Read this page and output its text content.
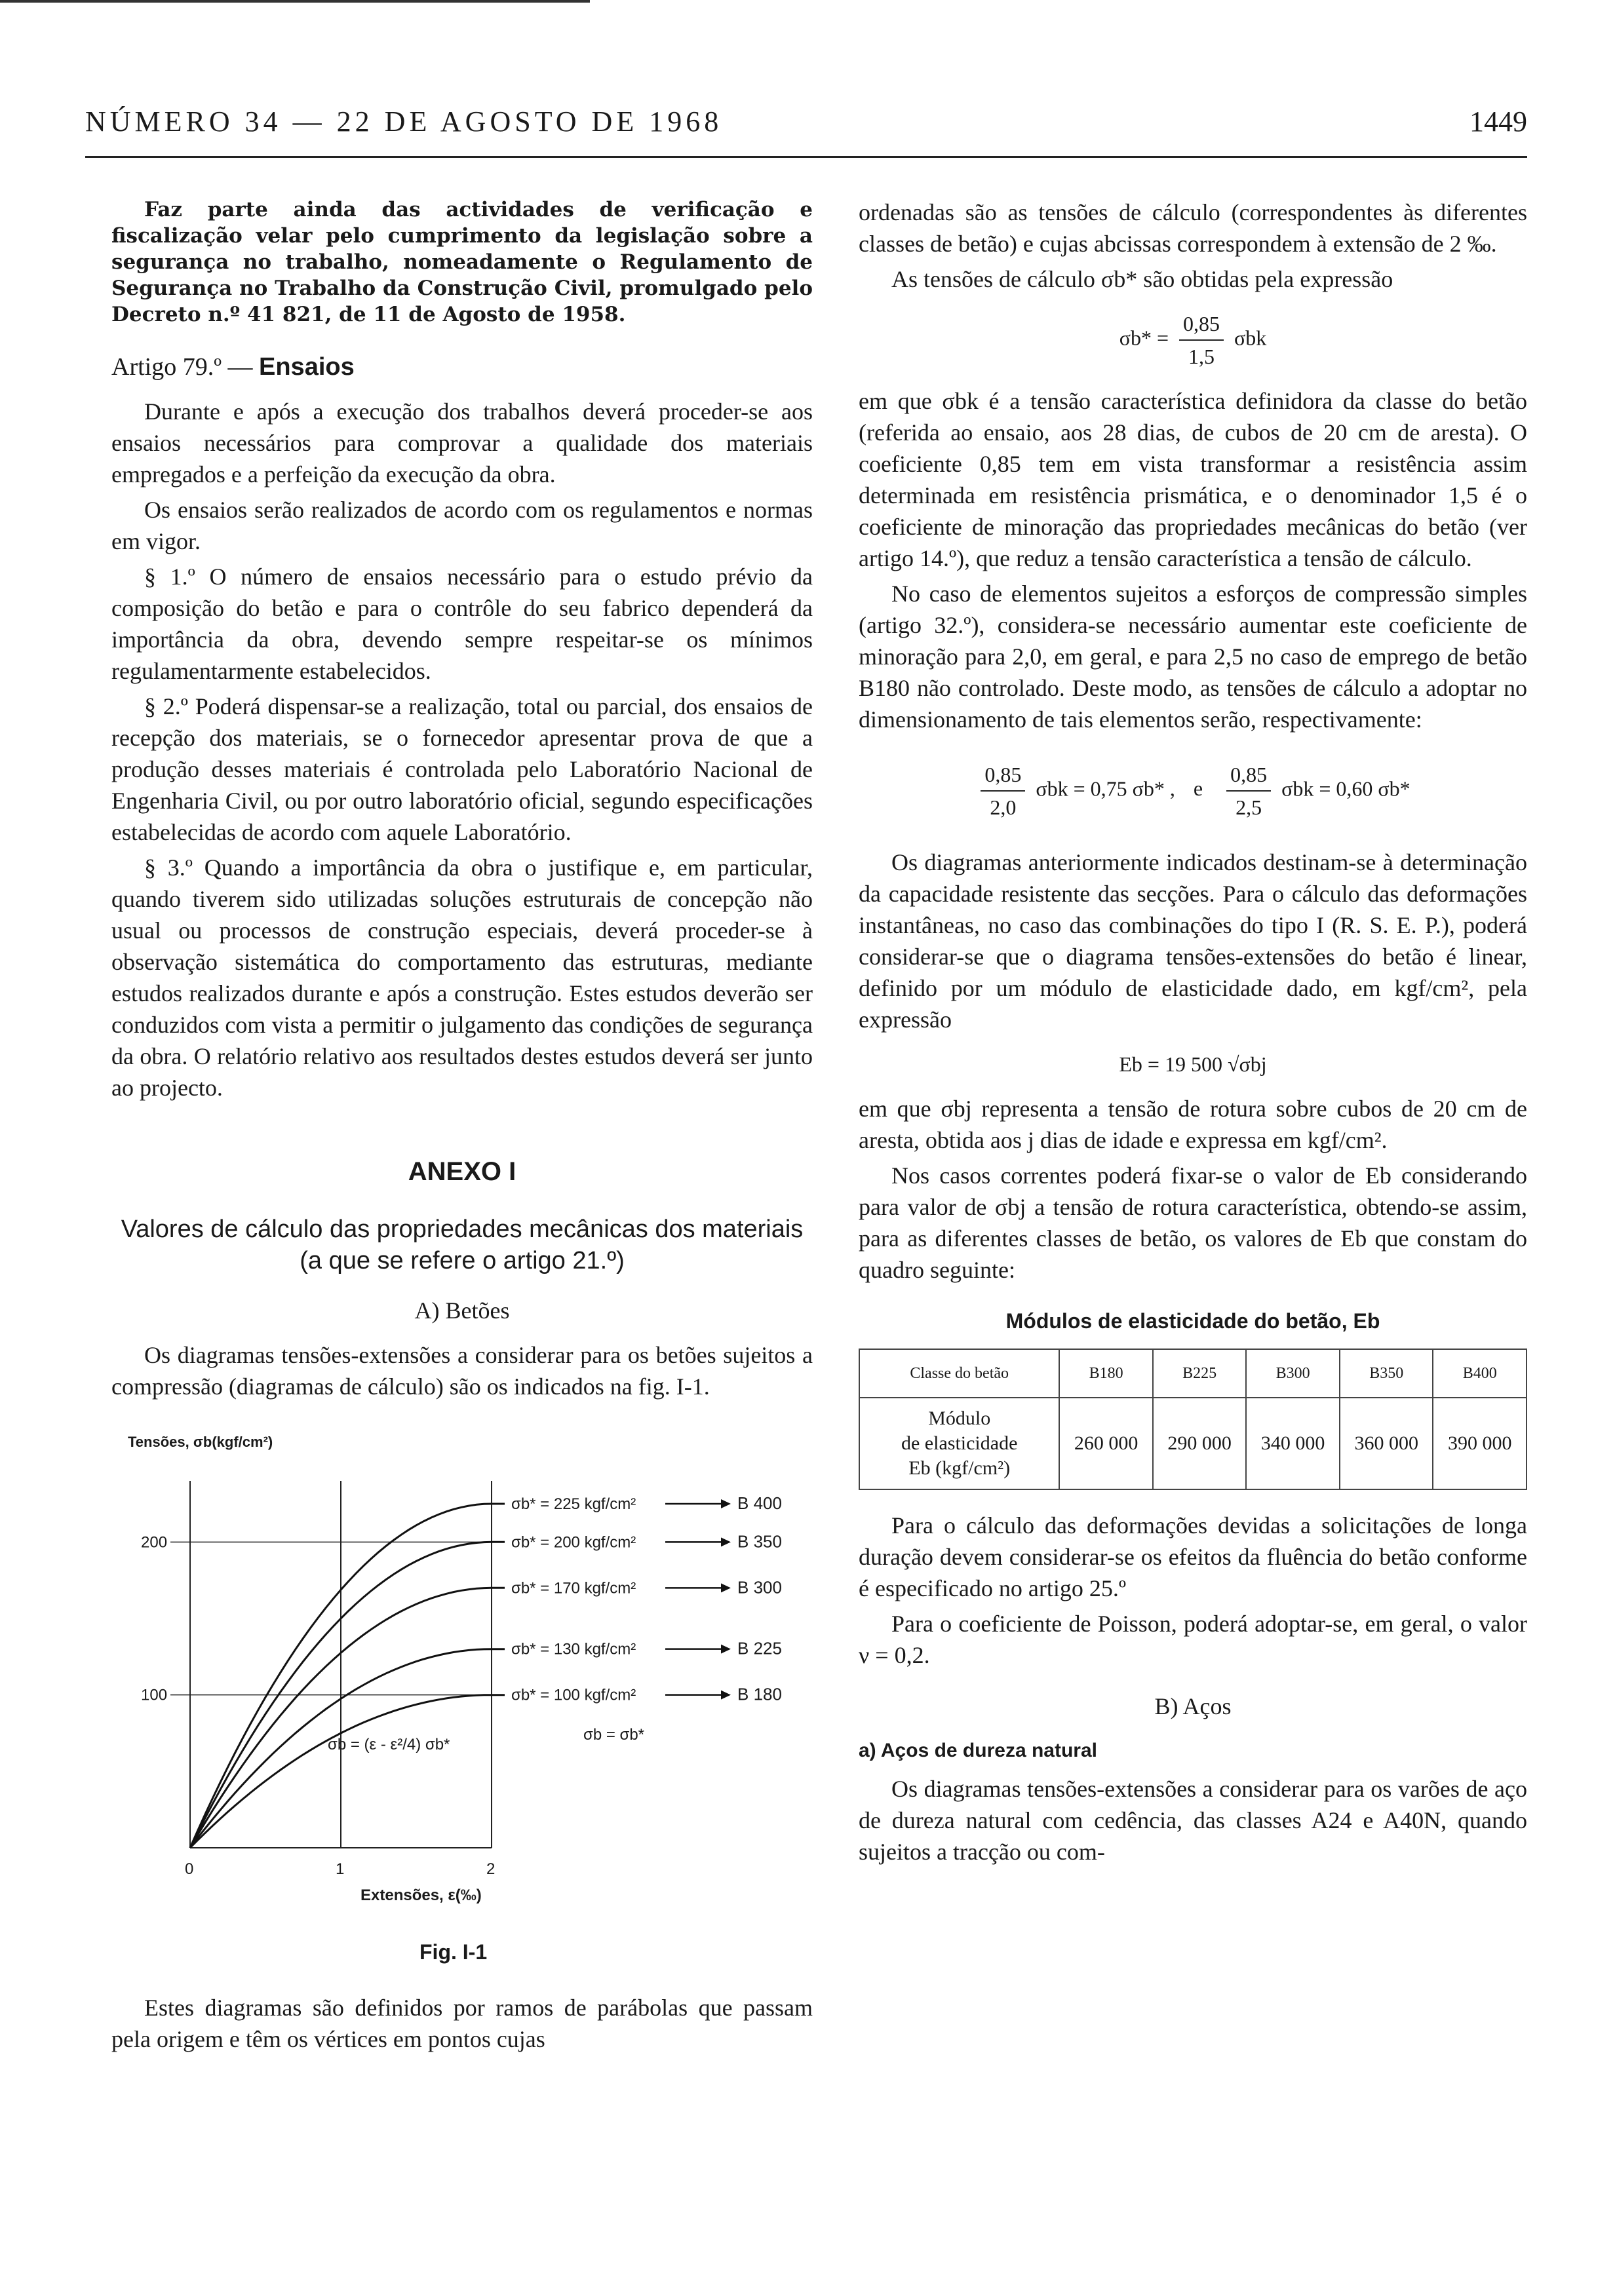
NÚMERO 34 — 22 DE AGOSTO DE 1968	1449

Faz parte ainda das actividades de verificação e fiscalização velar pelo cumprimento da legislação sobre a segurança no trabalho, nomeadamente o Regulamento de Segurança no Trabalho da Construção Civil, promulgado pelo Decreto n.º 41 821, de 11 de Agosto de 1958.

Artigo 79.º — Ensaios

Durante e após a execução dos trabalhos deverá proceder-se aos ensaios necessários para comprovar a qualidade dos materiais empregados e a perfeição da execução da obra.

Os ensaios serão realizados de acordo com os regulamentos e normas em vigor.

§ 1.º O número de ensaios necessário para o estudo prévio da composição do betão e para o contrôle do seu fabrico dependerá da importância da obra, devendo sempre respeitar-se os mínimos regulamentarmente estabelecidos.

§ 2.º Poderá dispensar-se a realização, total ou parcial, dos ensaios de recepção dos materiais, se o fornecedor apresentar prova de que a produção desses materiais é controlada pelo Laboratório Nacional de Engenharia Civil, ou por outro laboratório oficial, segundo especificações estabelecidas de acordo com aquele Laboratório.

§ 3.º Quando a importância da obra o justifique e, em particular, quando tiverem sido utilizadas soluções estruturais de concepção não usual ou processos de construção especiais, deverá proceder-se à observação sistemática do comportamento das estruturas, mediante estudos realizados durante e após a construção. Estes estudos deverão ser conduzidos com vista a permitir o julgamento das condições de segurança da obra. O relatório relativo aos resultados destes estudos deverá ser junto ao projecto.

ANEXO I
Valores de cálculo das propriedades mecânicas dos materiais
(a que se refere o artigo 21.º)
A) Betões

Os diagramas tensões-extensões a considerar para os betões sujeitos a compressão (diagramas de cálculo) são os indicados na fig. I-1.

Tensões, σb(kgf/cm²)
0	1	2
100
200
σb* = 225 kgf/cm²	B 400
σb* = 200 kgf/cm²	B 350
σb* = 170 kgf/cm²	B 300
σb* = 130 kgf/cm²	B 225
σb* = 100 kgf/cm²	B 180
σb = (ε - ε²/4) σb*
σb = σb*
Extensões, ε(‰)
Fig. I-1

Estes diagramas são definidos por ramos de parábolas que passam pela origem e têm os vértices em pontos cujas

ordenadas são as tensões de cálculo (correspondentes às diferentes classes de betão) e cujas abcissas correspondem à extensão de 2 ‰.

As tensões de cálculo σb* são obtidas pela expressão

$\sigma b* = \frac{0,85}{1,5}$ σbk

em que σbk é a tensão característica definidora da classe do betão (referida ao ensaio, aos 28 dias, de cubos de 20 cm de aresta). O coeficiente 0,85 tem em vista transformar a resistência assim determinada em resistência prismática, e o denominador 1,5 é o coeficiente de minoração das propriedades mecânicas do betão (ver artigo 14.º), que reduz a tensão característica a tensão de cálculo.

No caso de elementos sujeitos a esforços de compressão simples (artigo 32.º), considera-se necessário aumentar este coeficiente de minoração para 2,0, em geral, e para 2,5 no caso de emprego de betão B180 não controlado. Deste modo, as tensões de cálculo a adoptar no dimensionamento de tais elementos serão, respectivamente:

$\frac{0,85}{2,0}$ σbk = 0,75 σb* , e $\frac{0,85}{2,5}$ σbk = 0,60 σb*

Os diagramas anteriormente indicados destinam-se à determinação da capacidade resistente das secções. Para o cálculo das deformações instantâneas, no caso das combinações do tipo I (R. S. E. P.), poderá considerar-se que o diagrama tensões-extensões do betão é linear, definido por um módulo de elasticidade dado, em kgf/cm², pela expressão

Eb = 19 500 √σbj

em que σbj representa a tensão de rotura sobre cubos de 20 cm de aresta, obtida aos j dias de idade e expressa em kgf/cm².

Nos casos correntes poderá fixar-se o valor de Eb considerando para valor de σbj a tensão de rotura característica, obtendo-se assim, para as diferentes classes de betão, os valores de Eb que constam do quadro seguinte:

Módulos de elasticidade do betão, Eb
Classe do betão	B180	B225	B300	B350	B400

Módulo
de elasticidade
Eb (kgf/cm²)	260 000	290 000	340 000	360 000	390 000

Para o cálculo das deformações devidas a solicitações de longa duração devem considerar-se os efeitos da fluência do betão conforme é especificado no artigo 25.º

Para o coeficiente de Poisson, poderá adoptar-se, em geral, o valor ν = 0,2.

B) Aços
a) Aços de dureza natural

Os diagramas tensões-extensões a considerar para os varões de aço de dureza natural com cedência, das classes A24 e A40N, quando sujeitos a tracção ou com-
